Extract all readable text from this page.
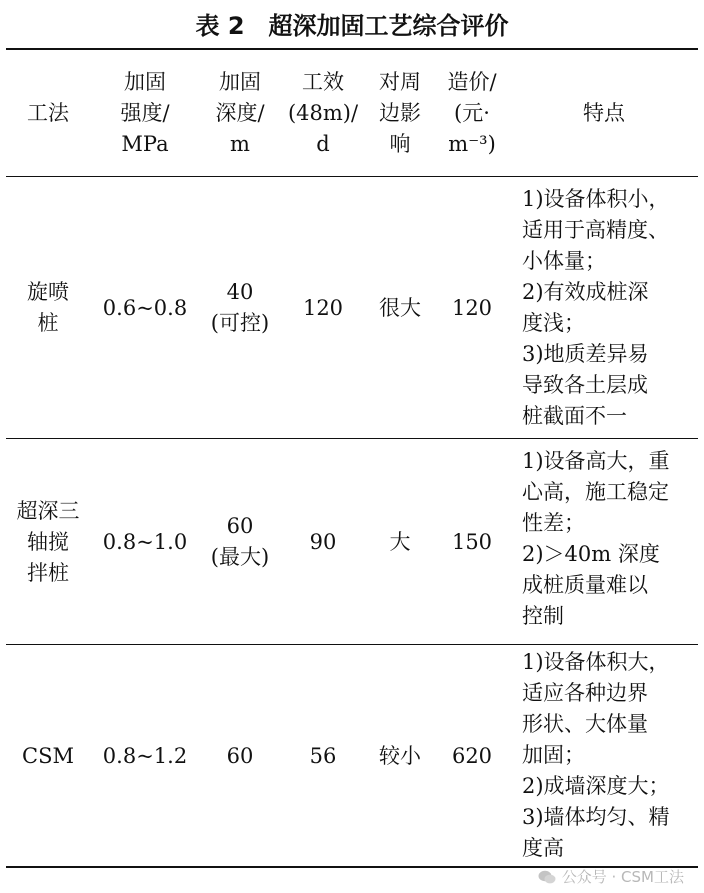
表 2　超深加固工艺综合评价
工法
加固
强度/
MPa
加固
深度/
m
工效
(48m)/
d
对周
边影
响
造价/
(元·
m⁻³)
特点
旋喷
桩
0.6~0.8
40
(可控)
120 很大 120
1)设备体积小，
适用于高精度、
小体量；
2)有效成桩深
度浅；
3)地质差异易
导致各土层成
桩截面不一
超深三
轴搅
拌桩
0.8~1.0
60
(最大)
90	大 150
1)设备高大，重
心高，施工稳定
性差；
2)＞40m 深度
成桩质量难以
控制
CSM 0.8~1.2 60	56 较小 620
1)设备体积大，
适应各种边界
形状、大体量
加固；
2)成墙深度大；
3)墙体均匀、精
度高
公众号 · CSM工法
